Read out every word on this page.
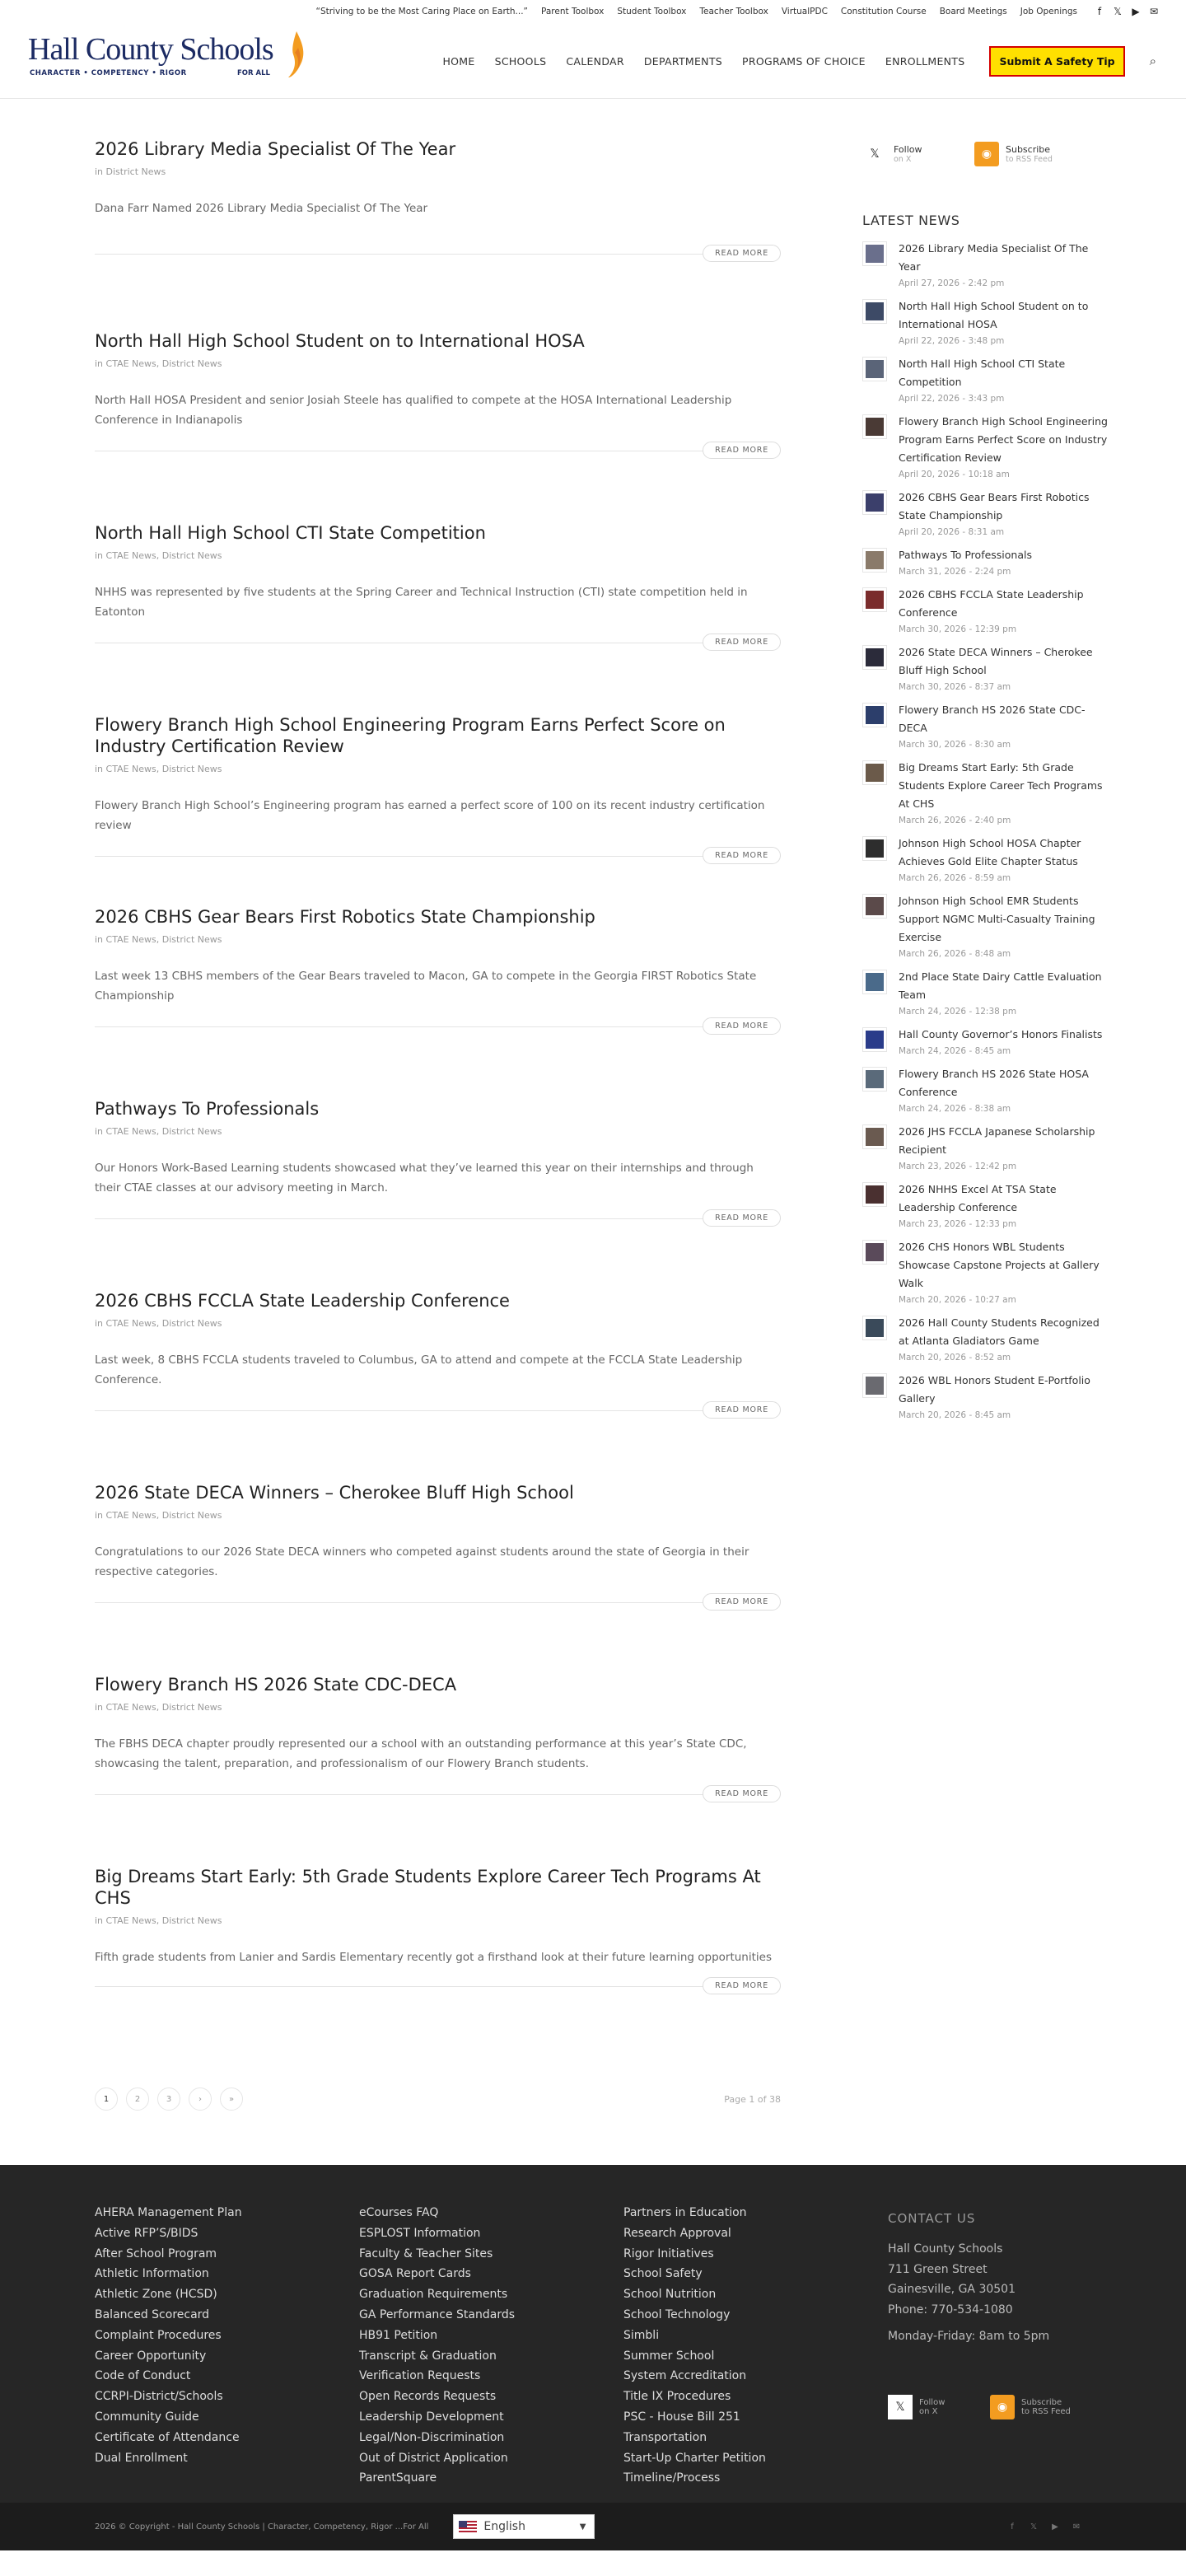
“Striving to be the Most Caring Place on Earth...” Parent Toolbox Student Toolbox Teacher Toolbox VirtualPDC Constitution Course Board Meetings Job Openings	f	𝕏	▶	✉
Hall County Schools
CHARACTER • COMPETENCY • RIGOR	FOR ALL
HOME SCHOOLS CALENDAR DEPARTMENTS PROGRAMS OF CHOICE ENROLLMENTS	Submit A Safety Tip	⌕
2026 Library Media Specialist Of The Year
in District News
Dana Farr Named 2026 Library Media Specialist Of The Year
READ MORE
North Hall High School Student on to International HOSA
in CTAE News, District News
North Hall HOSA President and senior Josiah Steele has qualified to compete at the HOSA International Leadership Conference in Indianapolis
READ MORE
North Hall High School CTI State Competition
in CTAE News, District News
NHHS was represented by five students at the Spring Career and Technical Instruction (CTI) state competition held in Eatonton
READ MORE
Flowery Branch High School Engineering Program Earns Perfect Score on Industry Certification Review
in CTAE News, District News
Flowery Branch High School’s Engineering program has earned a perfect score of 100 on its recent industry certification review
READ MORE
2026 CBHS Gear Bears First Robotics State Championship
in CTAE News, District News
Last week 13 CBHS members of the Gear Bears traveled to Macon, GA to compete in the Georgia FIRST Robotics State Championship
READ MORE
Pathways To Professionals
in CTAE News, District News
Our Honors Work-Based Learning students showcased what they’ve learned this year on their internships and through their CTAE classes at our advisory meeting in March.
READ MORE
2026 CBHS FCCLA State Leadership Conference
in CTAE News, District News
Last week, 8 CBHS FCCLA students traveled to Columbus, GA to attend and compete at the FCCLA State Leadership Conference.
READ MORE
2026 State DECA Winners – Cherokee Bluff High School
in CTAE News, District News
Congratulations to our 2026 State DECA winners who competed against students around the state of Georgia in their respective categories.
READ MORE
Flowery Branch HS 2026 State CDC-DECA
in CTAE News, District News
The FBHS DECA chapter proudly represented our a school with an outstanding performance at this year’s State CDC, showcasing the talent, preparation, and professionalism of our Flowery Branch students.
READ MORE
Big Dreams Start Early: 5th Grade Students Explore Career Tech Programs At CHS
in CTAE News, District News
Fifth grade students from Lanier and Sardis Elementary recently got a firsthand look at their future learning opportunities
READ MORE
1	2	3	›	»	Page 1 of 38
𝕏	Follow
on X	◉	Subscribe
to RSS Feed
LATEST NEWS
2026 Library Media Specialist Of The Year
April 27, 2026 - 2:42 pm
North Hall High School Student on to International HOSA
April 22, 2026 - 3:48 pm
North Hall High School CTI State Competition
April 22, 2026 - 3:43 pm
Flowery Branch High School Engineering Program Earns Perfect Score on Industry Certification Review
April 20, 2026 - 10:18 am
2026 CBHS Gear Bears First Robotics State Championship
April 20, 2026 - 8:31 am
Pathways To Professionals
March 31, 2026 - 2:24 pm
2026 CBHS FCCLA State Leadership Conference
March 30, 2026 - 12:39 pm
2026 State DECA Winners – Cherokee Bluff High School
March 30, 2026 - 8:37 am
Flowery Branch HS 2026 State CDC-DECA
March 30, 2026 - 8:30 am
Big Dreams Start Early: 5th Grade Students Explore Career Tech Programs At CHS
March 26, 2026 - 2:40 pm
Johnson High School HOSA Chapter Achieves Gold Elite Chapter Status
March 26, 2026 - 8:59 am
Johnson High School EMR Students Support NGMC Multi-Casualty Training Exercise
March 26, 2026 - 8:48 am
2nd Place State Dairy Cattle Evaluation Team
March 24, 2026 - 12:38 pm
Hall County Governor’s Honors Finalists
March 24, 2026 - 8:45 am
Flowery Branch HS 2026 State HOSA Conference
March 24, 2026 - 8:38 am
2026 JHS FCCLA Japanese Scholarship Recipient
March 23, 2026 - 12:42 pm
2026 NHHS Excel At TSA State Leadership Conference
March 23, 2026 - 12:33 pm
2026 CHS Honors WBL Students Showcase Capstone Projects at Gallery Walk
March 20, 2026 - 10:27 am
2026 Hall County Students Recognized at Atlanta Gladiators Game
March 20, 2026 - 8:52 am
2026 WBL Honors Student E-Portfolio Gallery
March 20, 2026 - 8:45 am
AHERA Management Plan
Active RFP’S/BIDS
After School Program
Athletic Information
Athletic Zone (HCSD)
Balanced Scorecard
Complaint Procedures
Career Opportunity
Code of Conduct
CCRPI-District/Schools
Community Guide
Certificate of Attendance
Dual Enrollment
eCourses FAQ
ESPLOST Information
Faculty & Teacher Sites
GOSA Report Cards
Graduation Requirements
GA Performance Standards
HB91 Petition
Transcript & Graduation
Verification Requests
Open Records Requests
Leadership Development
Legal/Non-Discrimination
Out of District Application
ParentSquare
Partners in Education
Research Approval
Rigor Initiatives
School Safety
School Nutrition
School Technology
Simbli
Summer School
System Accreditation
Title IX Procedures
PSC - House Bill 251
Transportation
Start-Up Charter Petition
Timeline/Process
CONTACT US
Hall County Schools
711 Green Street
Gainesville, GA 30501
Phone: 770-534-1080
Monday-Friday: 8am to 5pm
𝕏	Follow
on X	◉	Subscribe
to RSS Feed
2026 © Copyright - Hall County Schools | Character, Competency, Rigor ...For All	English	▼	f	𝕏	▶	✉
